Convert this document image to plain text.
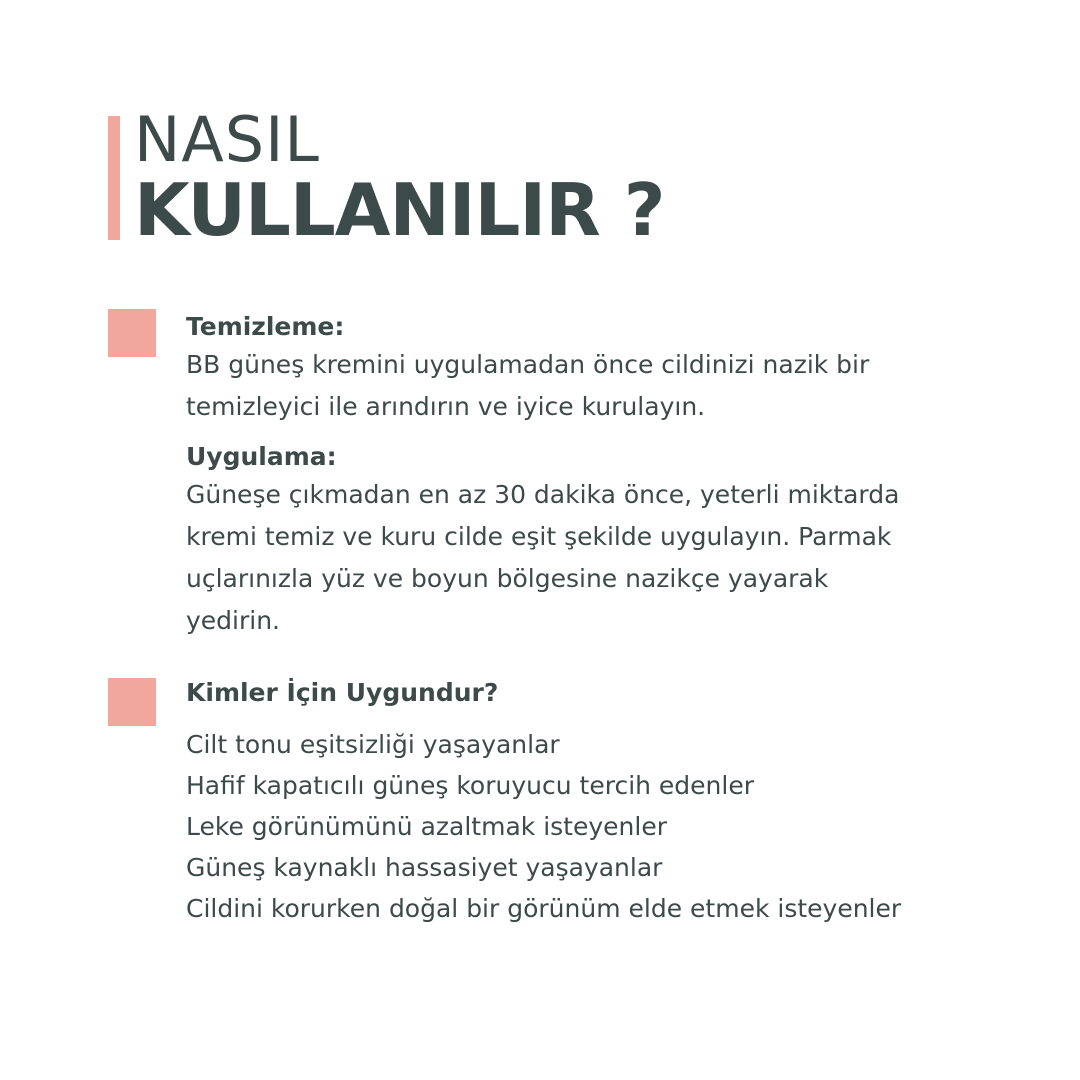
NASIL
KULLANILIR ?
Temizleme:
BB güneş kremini uygulamadan önce cildinizi nazik bir
temizleyici ile arındırın ve iyice kurulayın.
Uygulama:
Güneşe çıkmadan en az 30 dakika önce, yeterli miktarda
kremi temiz ve kuru cilde eşit şekilde uygulayın. Parmak
uçlarınızla yüz ve boyun bölgesine nazikçe yayarak
yedirin.
Kimler İçin Uygundur?
Cilt tonu eşitsizliği yaşayanlar
Hafif kapatıcılı güneş koruyucu tercih edenler
Leke görünümünü azaltmak isteyenler
Güneş kaynaklı hassasiyet yaşayanlar
Cildini korurken doğal bir görünüm elde etmek isteyenler
